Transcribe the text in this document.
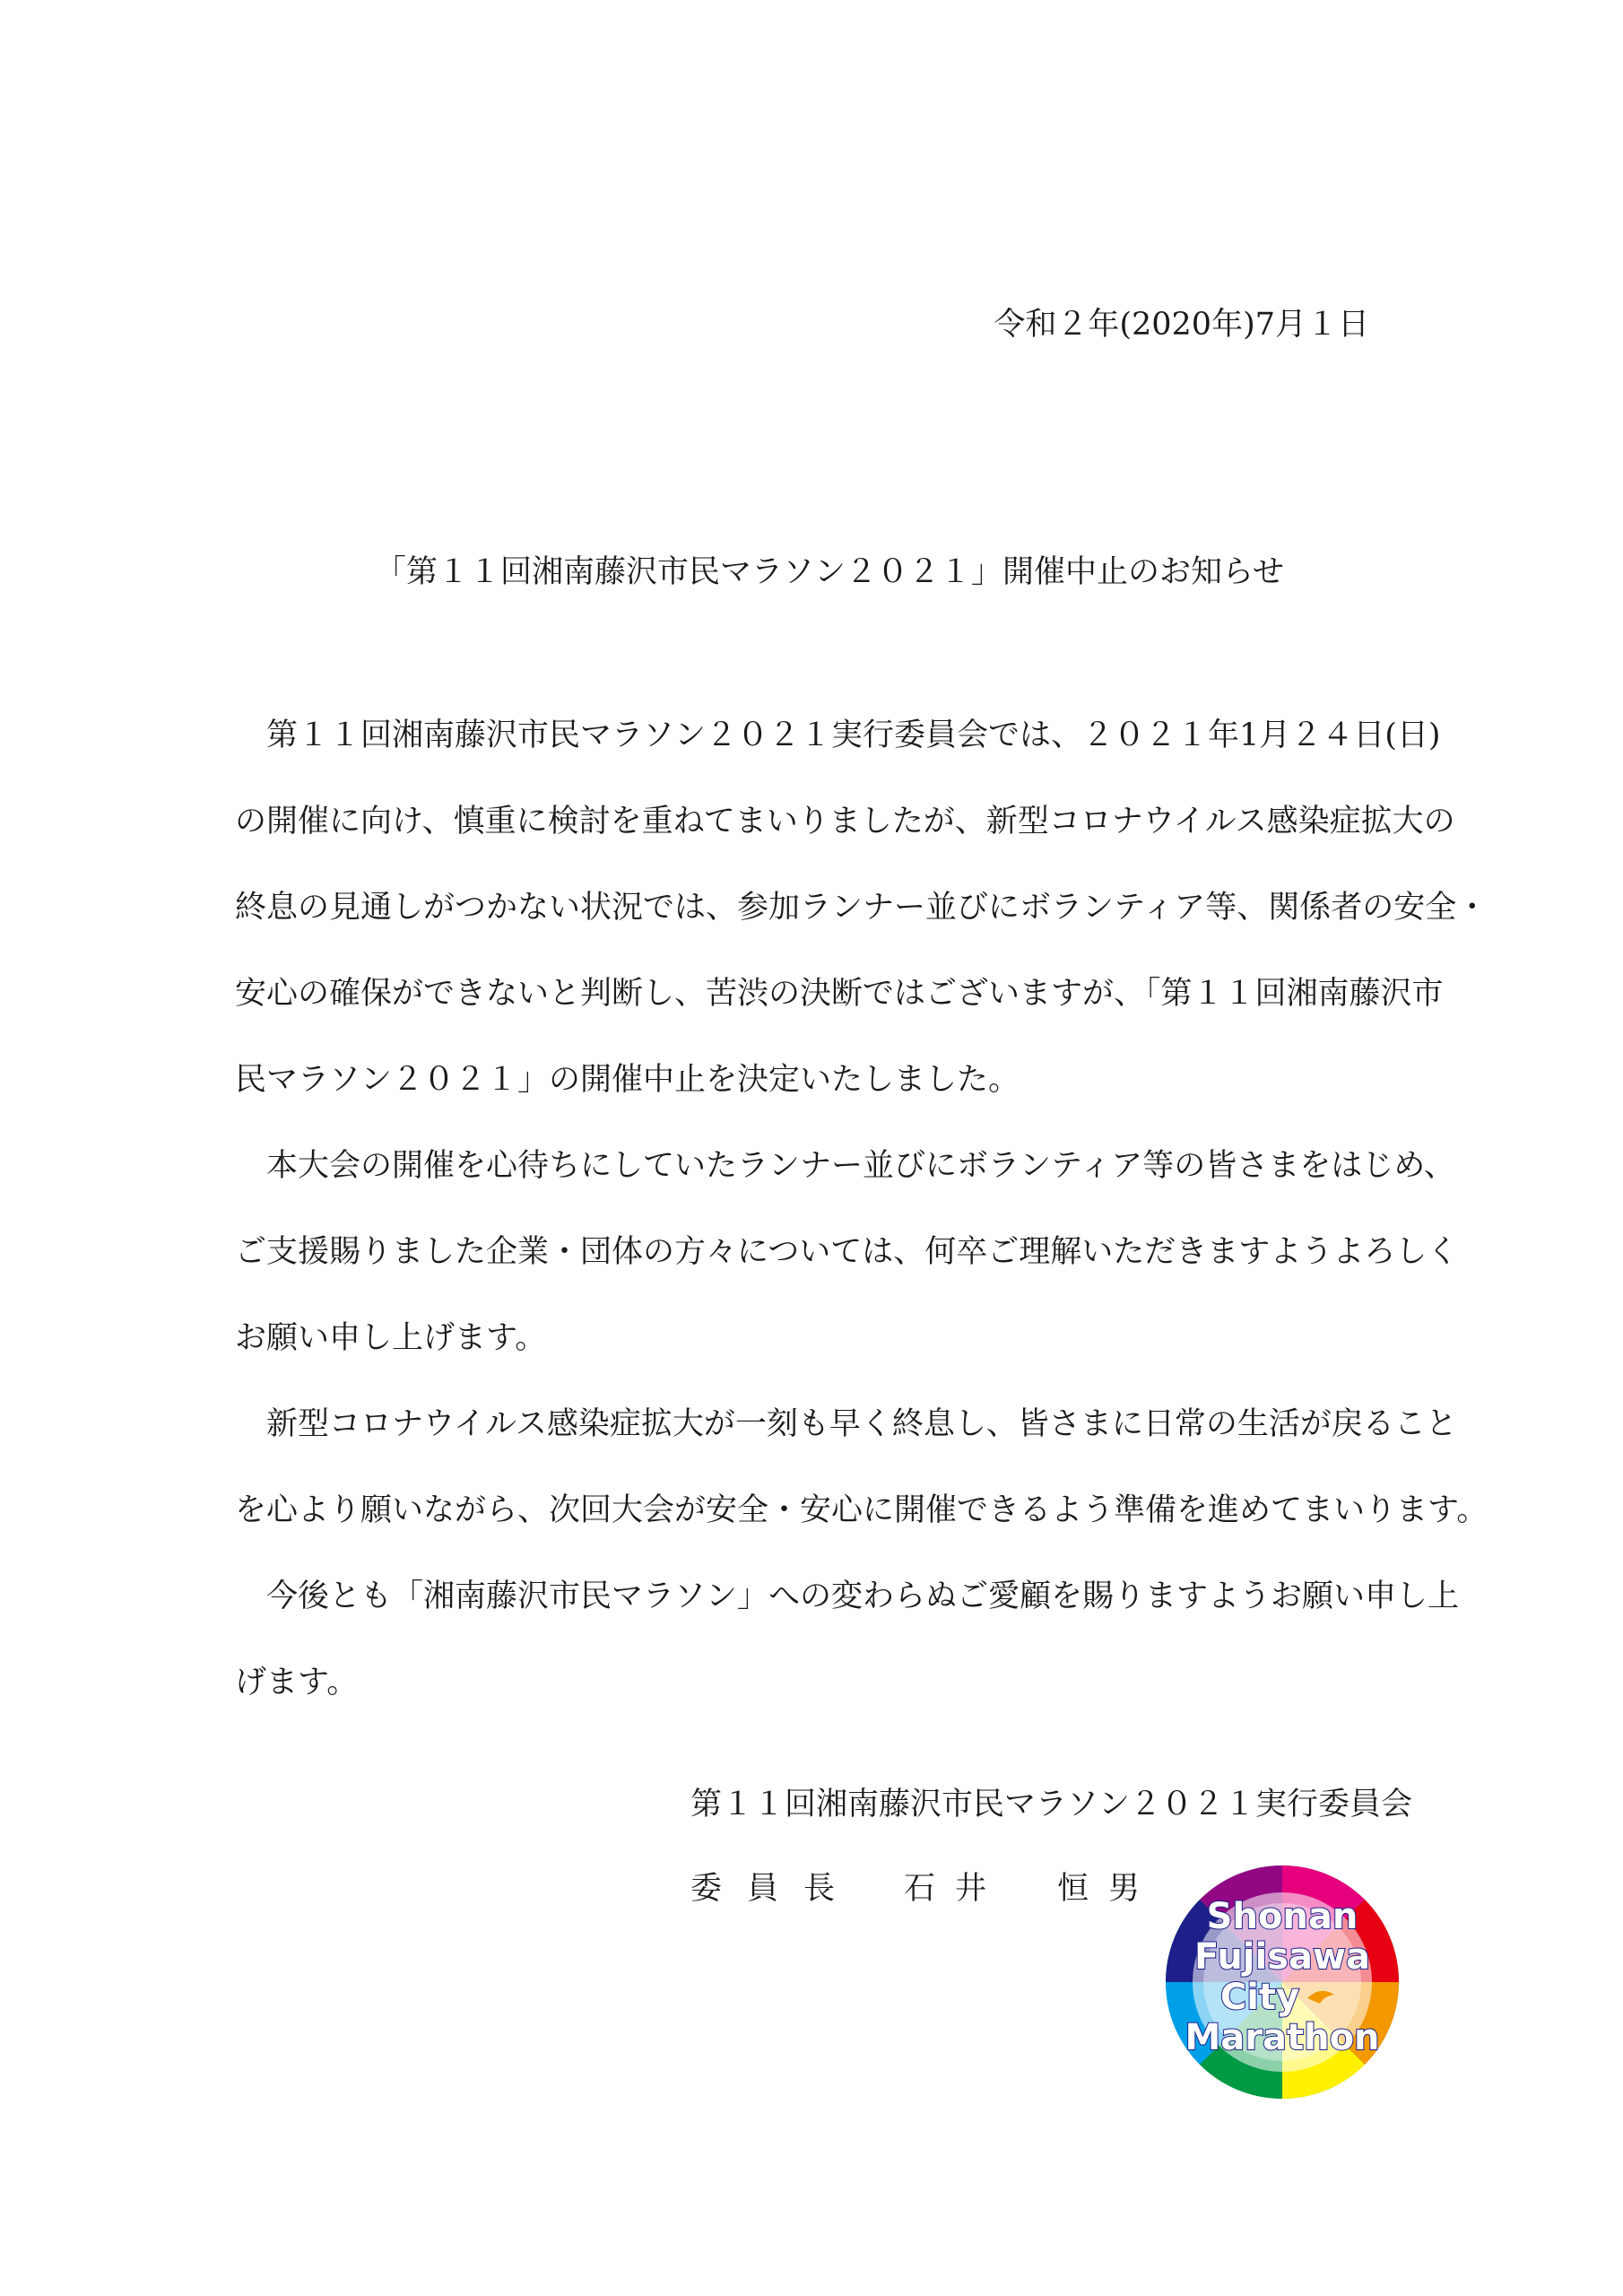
令和２年(2020年)7月１日
「第１１回湘南藤沢市民マラソン２０２１」開催中止のお知らせ
　第１１回湘南藤沢市民マラソン２０２１実行委員会では、２０２１年1月２４日(日)
の開催に向け、慎重に検討を重ねてまいりましたが、新型コロナウイルス感染症拡大の
終息の見通しがつかない状況では、参加ランナー並びにボランティア等、関係者の安全・
安心の確保ができないと判断し、苦渋の決断ではございますが、「第１１回湘南藤沢市
民マラソン２０２１」の開催中止を決定いたしました。
　本大会の開催を心待ちにしていたランナー並びにボランティア等の皆さまをはじめ、
ご支援賜りました企業・団体の方々については、何卒ご理解いただきますようよろしく
お願い申し上げます。
　新型コロナウイルス感染症拡大が一刻も早く終息し、皆さまに日常の生活が戻ること
を心より願いながら、次回大会が安全・安心に開催できるよう準備を進めてまいります。
　今後とも「湘南藤沢市民マラソン」への変わらぬご愛顧を賜りますようお願い申し上
げます。
第１１回湘南藤沢市民マラソン２０２１実行委員会
委員長 石井　恒男
Shonan
Fujisawa
City
Marathon
